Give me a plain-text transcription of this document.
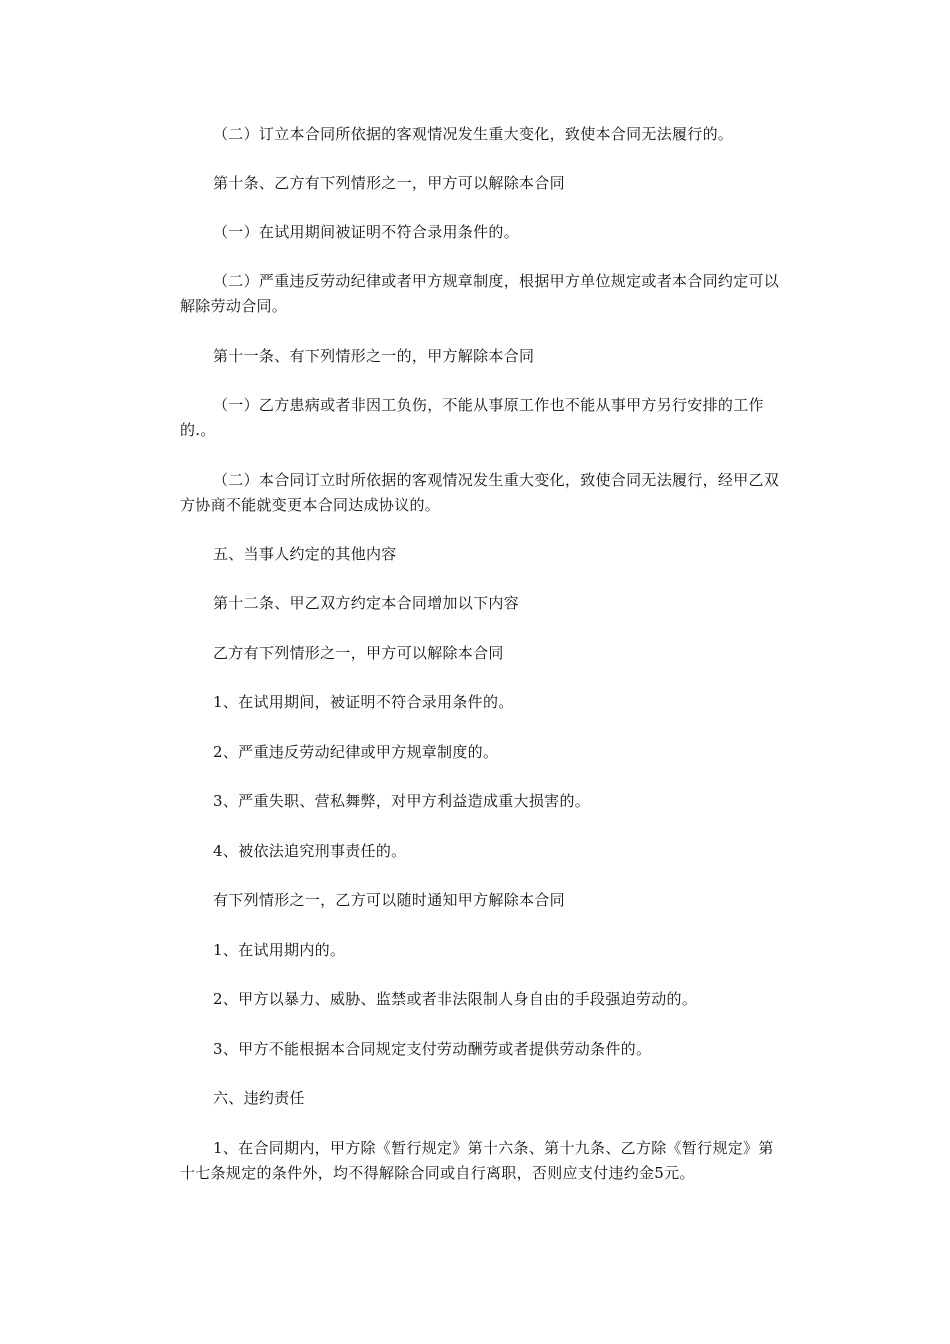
（二）订立本合同所依据的客观情况发生重大变化，致使本合同无法履行的。

第十条、乙方有下列情形之一，甲方可以解除本合同

（一）在试用期间被证明不符合录用条件的。

（二）严重违反劳动纪律或者甲方规章制度，根据甲方单位规定或者本合同约定可以解除劳动合同。

第十一条、有下列情形之一的，甲方解除本合同

（一）乙方患病或者非因工负伤，不能从事原工作也不能从事甲方另行安排的工作的.。

（二）本合同订立时所依据的客观情况发生重大变化，致使合同无法履行，经甲乙双方协商不能就变更本合同达成协议的。

五、当事人约定的其他内容

第十二条、甲乙双方约定本合同增加以下内容

乙方有下列情形之一，甲方可以解除本合同

1、在试用期间，被证明不符合录用条件的。

2、严重违反劳动纪律或甲方规章制度的。

3、严重失职、营私舞弊，对甲方利益造成重大损害的。

4、被依法追究刑事责任的。

有下列情形之一，乙方可以随时通知甲方解除本合同

1、在试用期内的。

2、甲方以暴力、威胁、监禁或者非法限制人身自由的手段强迫劳动的。

3、甲方不能根据本合同规定支付劳动酬劳或者提供劳动条件的。

六、违约责任

1、在合同期内，甲方除《暂行规定》第十六条、第十九条、乙方除《暂行规定》第十七条规定的条件外，均不得解除合同或自行离职，否则应支付违约金5元。
